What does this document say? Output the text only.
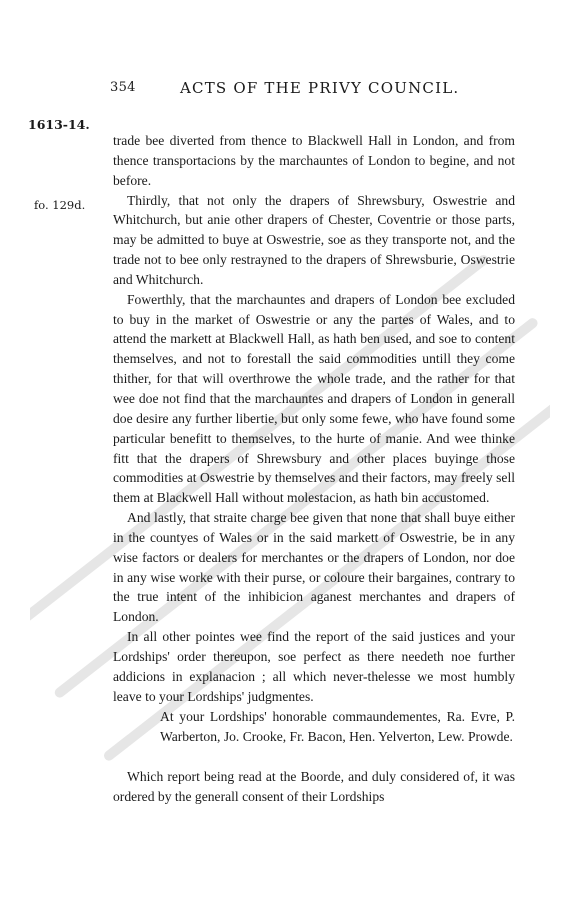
354	ACTS OF THE PRIVY COUNCIL.
1613-14.
fo. 129d.

trade bee diverted from thence to Blackwell Hall in London, and from thence transportacions by the marchauntes of London to begine, and not before.

Thirdly, that not only the drapers of Shrewsbury, Oswestrie and Whitchurch, but anie other drapers of Chester, Coventrie or those parts, may be admitted to buye at Oswestrie, soe as they transporte not, and the trade not to bee only restrayned to the drapers of Shrewsburie, Oswestrie and Whitchurch.

Fowerthly, that the marchauntes and drapers of London bee excluded to buy in the market of Oswestrie or any the partes of Wales, and to attend the markett at Blackwell Hall, as hath ben used, and soe to content themselves, and not to forestall the said commodities untill they come thither, for that will overthrowe the whole trade, and the rather for that wee doe not find that the marchauntes and drapers of London in generall doe desire any further libertie, but only some fewe, who have found some particular benefitt to themselves, to the hurte of manie. And wee thinke fitt that the drapers of Shrewsbury and other places buyinge those commodities at Oswestrie by themselves and their factors, may freely sell them at Blackwell Hall without molestacion, as hath bin accustomed.

And lastly, that straite charge bee given that none that shall buye either in the countyes of Wales or in the said markett of Oswestrie, be in any wise factors or dealers for merchantes or the drapers of London, nor doe in any wise worke with their purse, or coloure their bargaines, contrary to the true intent of the inhibicion aganest merchantes and drapers of London.

In all other pointes wee find the report of the said justices and your Lordships' order thereupon, soe perfect as there needeth noe further addicions in explanacion ; all which never-thelesse we most humbly leave to your Lordships' judgmentes.

At your Lordships' honorable commaundementes, Ra. Evre, P. Warberton, Jo. Crooke, Fr. Bacon, Hen. Yelverton, Lew. Prowde.

Which report being read at the Boorde, and duly considered of, it was ordered by the generall consent of their Lordships
